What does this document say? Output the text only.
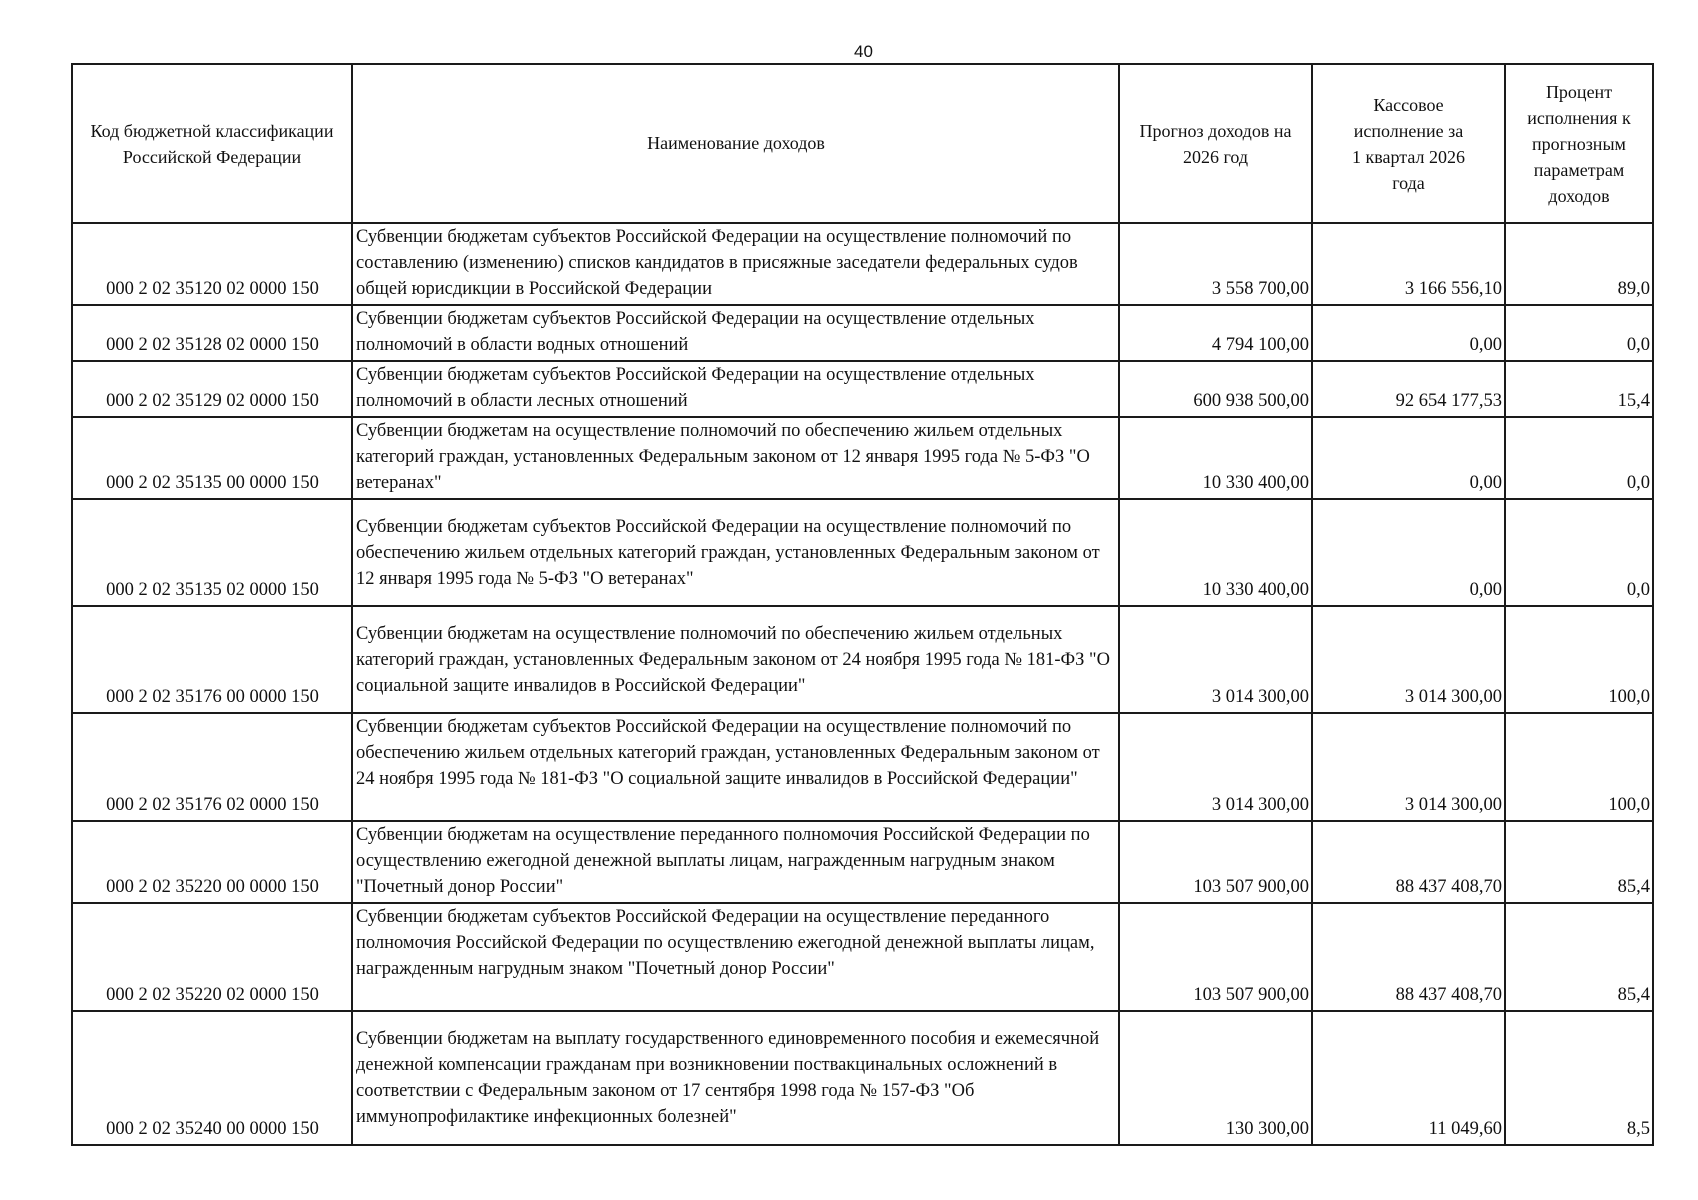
40
Код бюджетной классификации Российской Федерации	Наименование доходов	Прогноз доходов на 2026 год	Кассовое исполнение за 1 квартал 2026 года	Процент исполнения к прогнозным параметрам доходов
000 2 02 35120 02 0000 150	Субвенции бюджетам субъектов Российской Федерации на осуществление полномочий по составлению (изменению) списков кандидатов в присяжные заседатели федеральных судов общей юрисдикции в Российской Федерации	3 558 700,00	3 166 556,10	89,0
000 2 02 35128 02 0000 150	Субвенции бюджетам субъектов Российской Федерации на осуществление отдельных полномочий в области водных отношений	4 794 100,00	0,00	0,0
000 2 02 35129 02 0000 150	Субвенции бюджетам субъектов Российской Федерации на осуществление отдельных полномочий в области лесных отношений	600 938 500,00	92 654 177,53	15,4
000 2 02 35135 00 0000 150	Субвенции бюджетам на осуществление полномочий по обеспечению жильем отдельных категорий граждан, установленных Федеральным законом от 12 января 1995 года № 5-ФЗ "О ветеранах"	10 330 400,00	0,00	0,0
000 2 02 35135 02 0000 150	Субвенции бюджетам субъектов Российской Федерации на осуществление полномочий по обеспечению жильем отдельных категорий граждан, установленных Федеральным законом от 12 января 1995 года № 5-ФЗ "О ветеранах"	10 330 400,00	0,00	0,0
000 2 02 35176 00 0000 150	Субвенции бюджетам на осуществление полномочий по обеспечению жильем отдельных категорий граждан, установленных Федеральным законом от 24 ноября 1995 года № 181-ФЗ "О социальной защите инвалидов в Российской Федерации"	3 014 300,00	3 014 300,00	100,0
000 2 02 35176 02 0000 150	Субвенции бюджетам субъектов Российской Федерации на осуществление полномочий по обеспечению жильем отдельных категорий граждан, установленных Федеральным законом от 24 ноября 1995 года № 181-ФЗ "О социальной защите инвалидов в Российской Федерации"	3 014 300,00	3 014 300,00	100,0
000 2 02 35220 00 0000 150	Субвенции бюджетам на осуществление переданного полномочия Российской Федерации по осуществлению ежегодной денежной выплаты лицам, награжденным нагрудным знаком "Почетный донор России"	103 507 900,00	88 437 408,70	85,4
000 2 02 35220 02 0000 150	Субвенции бюджетам субъектов Российской Федерации на осуществление переданного полномочия Российской Федерации по осуществлению ежегодной денежной выплаты лицам, награжденным нагрудным знаком "Почетный донор России"	103 507 900,00	88 437 408,70	85,4
000 2 02 35240 00 0000 150	Субвенции бюджетам на выплату государственного единовременного пособия и ежемесячной денежной компенсации гражданам при возникновении поствакцинальных осложнений в соответствии с Федеральным законом от 17 сентября 1998 года № 157-ФЗ "Об иммунопрофилактике инфекционных болезней"	130 300,00	11 049,60	8,5
